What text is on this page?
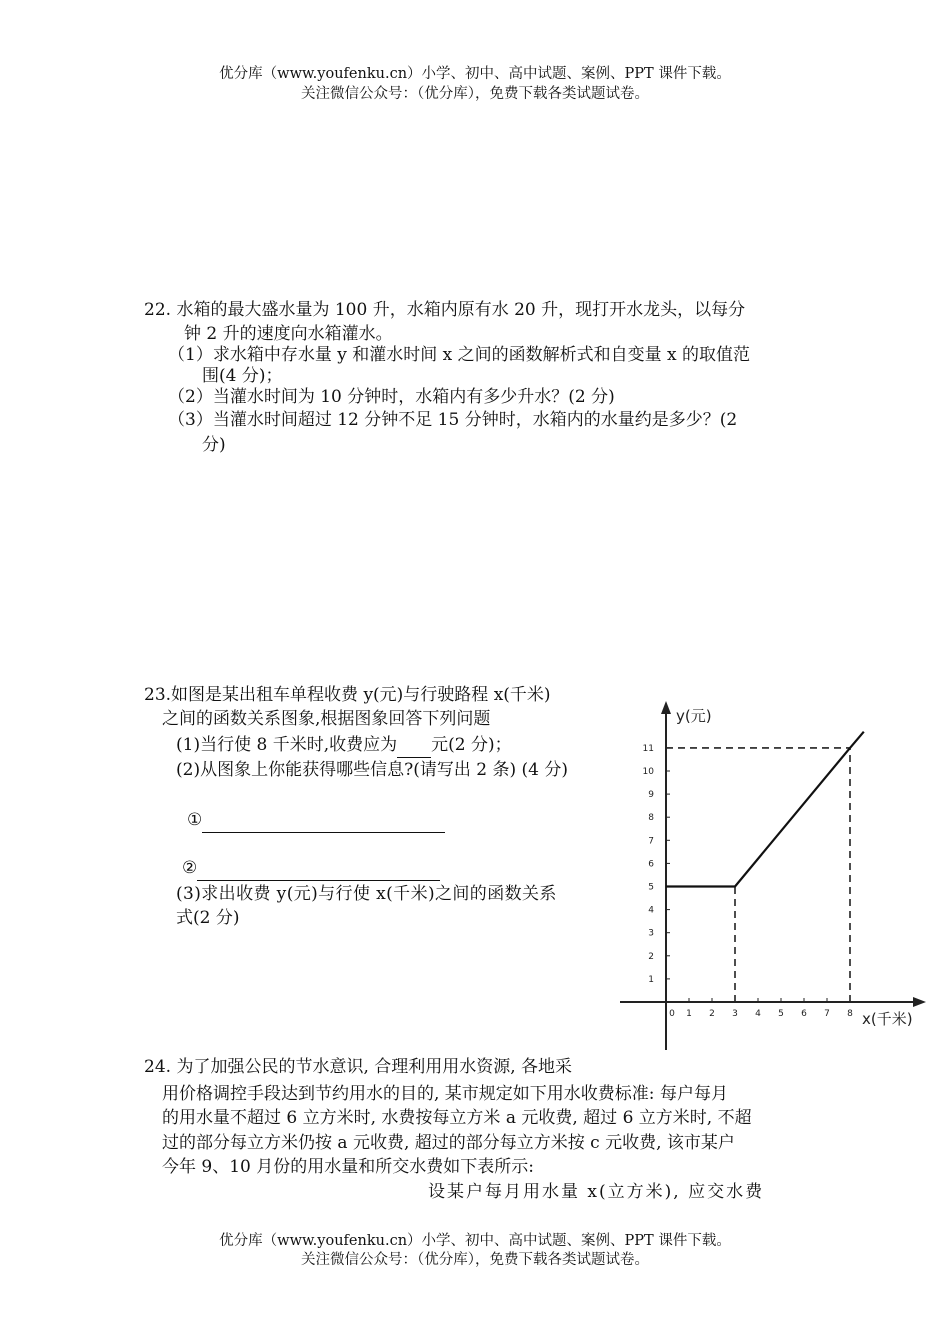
优分库（www.youfenku.cn）小学、初中、高中试题、案例、PPT 课件下载。
关注微信公众号：（优分库），免费下载各类试题试卷。
22. 水箱的最大盛水量为 100 升，水箱内原有水 20 升，现打开水龙头，以每分
钟 2 升的速度向水箱灌水。
（1）求水箱中存水量 y 和灌水时间 x 之间的函数解析式和自变量 x 的取值范
围(4 分)；
（2）当灌水时间为 10 分钟时，水箱内有多少升水？(2 分)
（3）当灌水时间超过 12 分钟不足 15 分钟时，水箱内的水量约是多少？(2
分)
23.如图是某出租车单程收费 y(元)与行驶路程 x(千米)
之间的函数关系图象,根据图象回答下列问题
(1)当行使 8 千米时,收费应为 元(2 分)；
(2)从图象上你能获得哪些信息?(请写出 2 条) (4 分)
①
②
(3)求出收费 y(元)与行使 x(千米)之间的函数关系
式(2 分)
0 1 2 3 4 5 6 7 8
1
2
3
4
5
6
7
8
9
10
11
y(元)
x(千米)
24. 为了加强公民的节水意识, 合理利用用水资源, 各地采
用价格调控手段达到节约用水的目的, 某市规定如下用水收费标准: 每户每月
的用水量不超过 6 立方米时, 水费按每立方米 a 元收费, 超过 6 立方米时, 不超
过的部分每立方米仍按 a 元收费, 超过的部分每立方米按 c 元收费, 该市某户
今年 9、10 月份的用水量和所交水费如下表所示:
设某户每月用水量 x(立方米), 应交水费
优分库（www.youfenku.cn）小学、初中、高中试题、案例、PPT 课件下载。
关注微信公众号：（优分库），免费下载各类试题试卷。
